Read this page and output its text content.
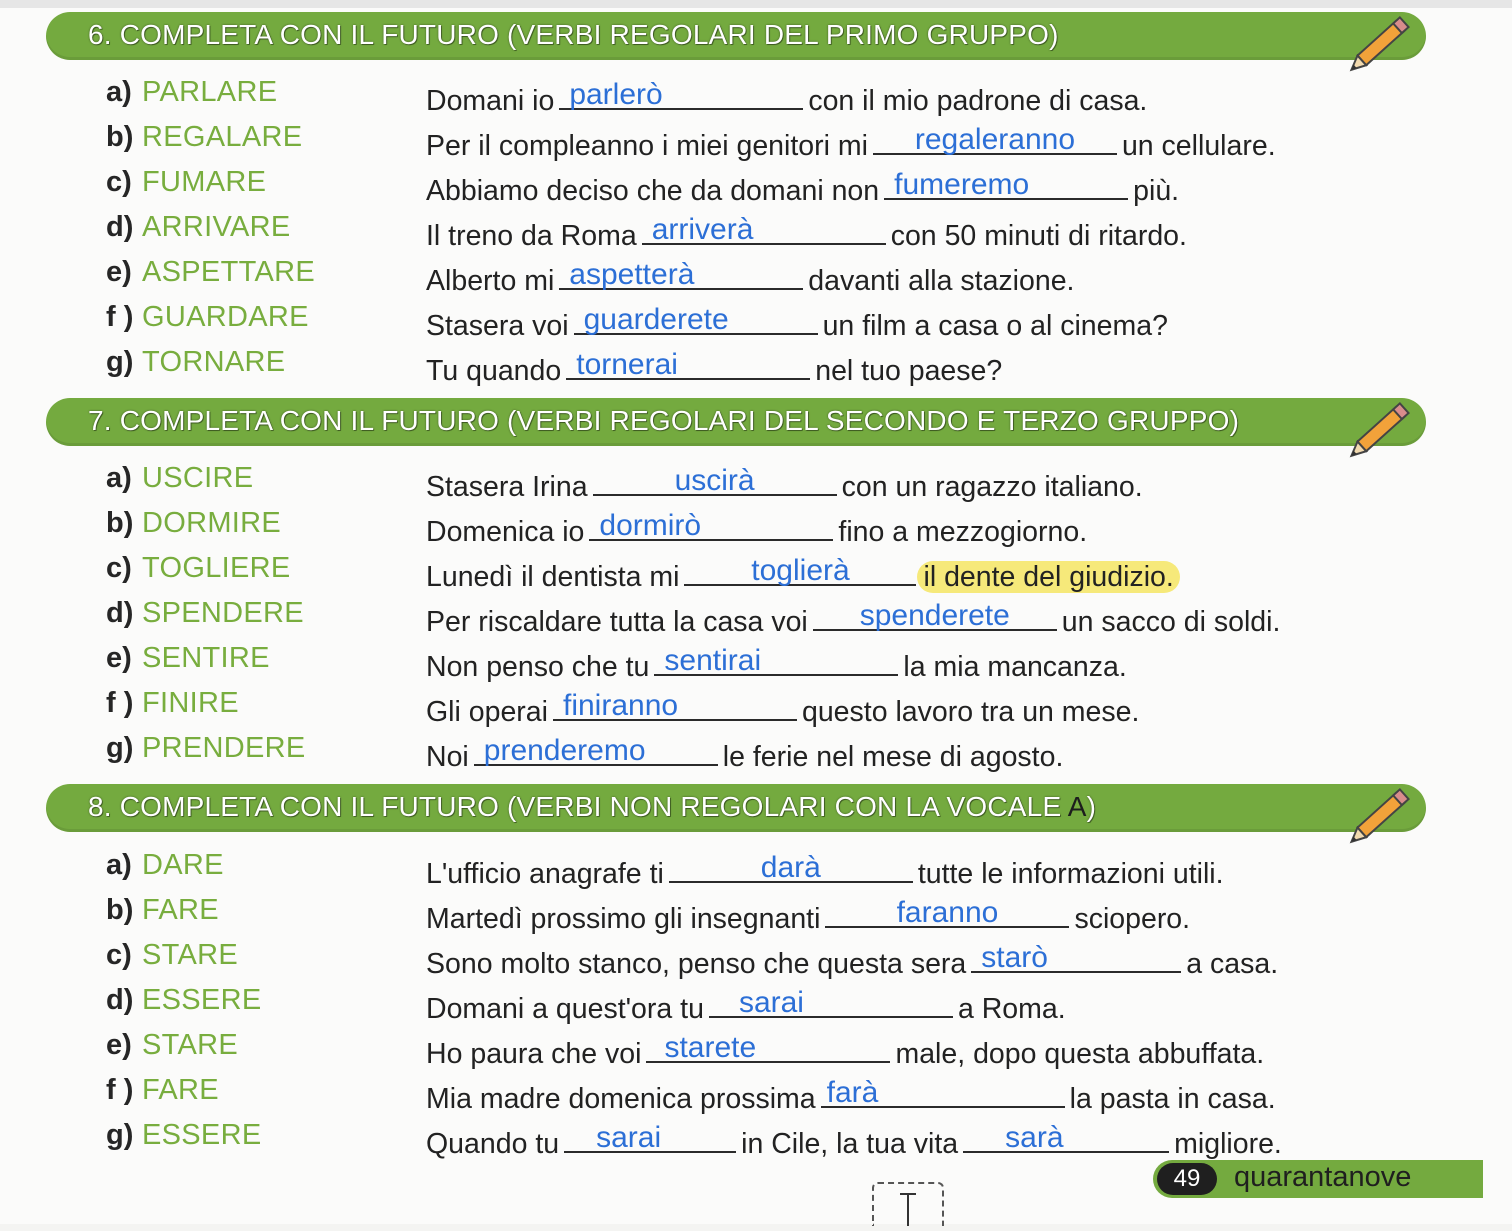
6. COMPLETA CON IL FUTURO (VERBI REGOLARI DEL PRIMO GRUPPO)
a) PARLARE	Domani io parlerò	con il mio padrone di casa.
b) REGALARE	Per il compleanno i miei genitori mi	regaleranno	un cellulare.
c) FUMARE	Abbiamo deciso che da domani non fumeremo	più.
d) ARRIVARE	Il treno da Roma arriverà	con 50 minuti di ritardo.
e) ASPETTARE	Alberto mi aspetterà	davanti alla stazione.
f ) GUARDARE	Stasera voi guarderete	un film a casa o al cinema?
g) TORNARE	Tu quando tornerai	nel tuo paese?
7. COMPLETA CON IL FUTURO (VERBI REGOLARI DEL SECONDO E TERZO GRUPPO)
a) USCIRE	Stasera Irina	uscirà	con un ragazzo italiano.
b) DORMIRE	Domenica io dormirò	fino a mezzogiorno.
c) TOGLIERE	Lunedì il dentista mi	toglierà	il dente del giudizio.
d) SPENDERE	Per riscaldare tutta la casa voi	spenderete	un sacco di soldi.
e) SENTIRE	Non penso che tu sentirai	la mia mancanza.
f ) FINIRE	Gli operai finiranno	questo lavoro tra un mese.
g) PRENDERE	Noi prenderemo	le ferie nel mese di agosto.
8. COMPLETA CON IL FUTURO (VERBI NON REGOLARI CON LA VOCALE A)
a) DARE	L'ufficio anagrafe ti	darà	tutte le informazioni utili.
b) FARE	Martedì prossimo gli insegnanti	faranno	sciopero.
c) STARE	Sono molto stanco, penso che questa sera starò	a casa.
d) ESSERE	Domani a quest'ora tu	sarai	a Roma.
e) STARE	Ho paura che voi starete	male, dopo questa abbuffata.
f ) FARE	Mia madre domenica prossima farà	la pasta in casa.
g) ESSERE	Quando tu	sarai	in Cile, la tua vita	sarà	migliore.
49	quarantanove
